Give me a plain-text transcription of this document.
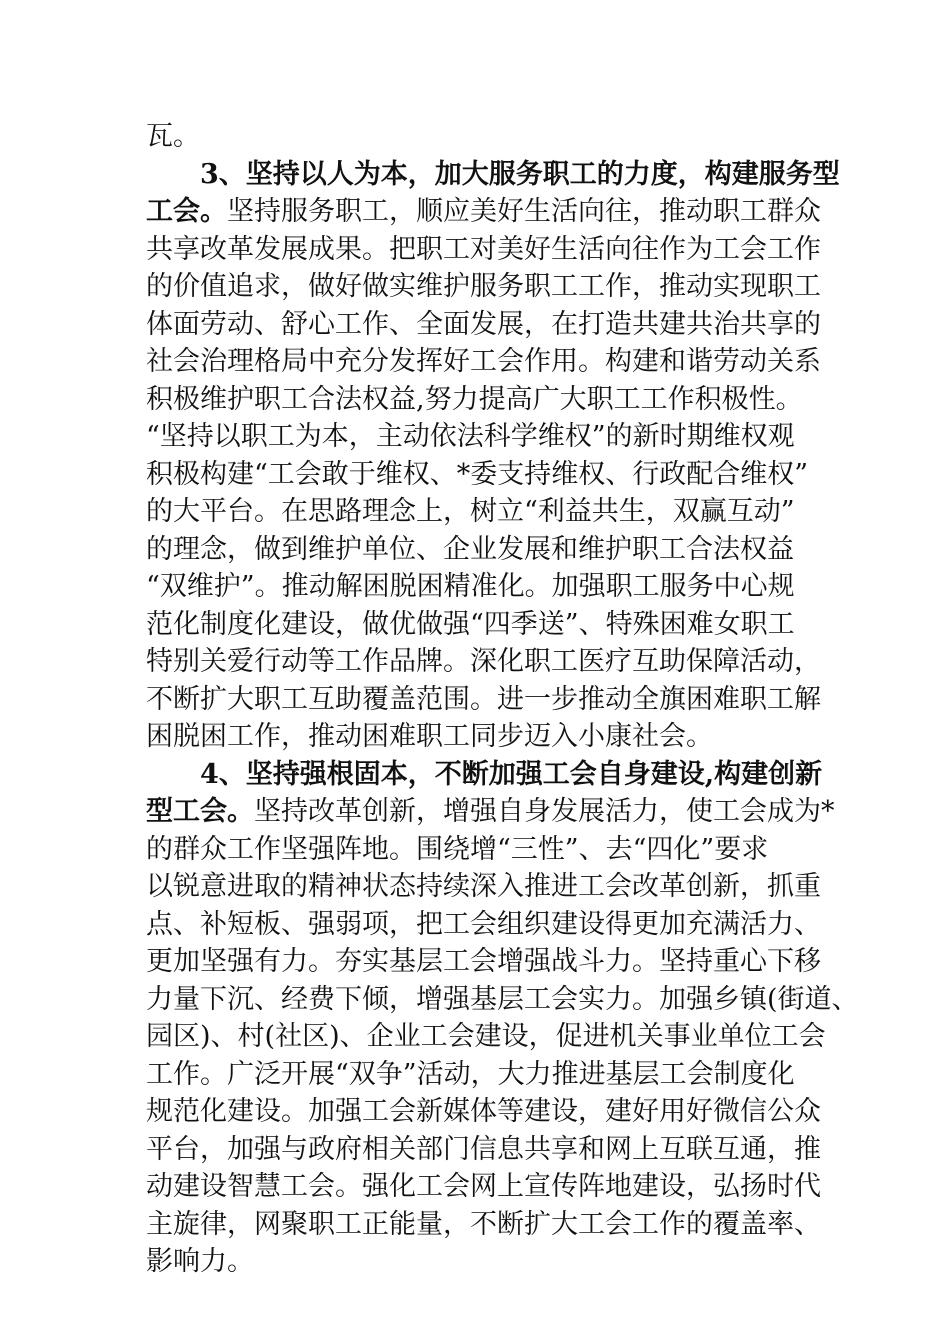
瓦。
3、坚持以人为本，加大服务职工的力度，构建服务型
工会。坚持服务职工，顺应美好生活向往，推动职工群众
共享改革发展成果。把职工对美好生活向往作为工会工作
的价值追求，做好做实维护服务职工工作，推动实现职工
体面劳动、舒心工作、全面发展，在打造共建共治共享的
社会治理格局中充分发挥好工会作用。构建和谐劳动关系
积极维护职工合法权益,努力提高广大职工工作积极性。
“坚持以职工为本，主动依法科学维权”的新时期维权观
积极构建“工会敢于维权、*委支持维权、行政配合维权”
的大平台。在思路理念上，树立“利益共生，双赢互动”
的理念，做到维护单位、企业发展和维护职工合法权益
“双维护”。推动解困脱困精准化。加强职工服务中心规
范化制度化建设，做优做强“四季送”、特殊困难女职工
特别关爱行动等工作品牌。深化职工医疗互助保障活动，
不断扩大职工互助覆盖范围。进一步推动全旗困难职工解
困脱困工作，推动困难职工同步迈入小康社会。
4、坚持强根固本，不断加强工会自身建设,构建创新
型工会。坚持改革创新，增强自身发展活力，使工会成为*
的群众工作坚强阵地。围绕增“三性”、去“四化”要求
以锐意进取的精神状态持续深入推进工会改革创新，抓重
点、补短板、强弱项，把工会组织建设得更加充满活力、
更加坚强有力。夯实基层工会增强战斗力。坚持重心下移
力量下沉、经费下倾，增强基层工会实力。加强乡镇(街道、
园区)、村(社区)、企业工会建设，促进机关事业单位工会
工作。广泛开展“双争”活动，大力推进基层工会制度化
规范化建设。加强工会新媒体等建设，建好用好微信公众
平台，加强与政府相关部门信息共享和网上互联互通，推
动建设智慧工会。强化工会网上宣传阵地建设，弘扬时代
主旋律，网聚职工正能量，不断扩大工会工作的覆盖率、
影响力。
